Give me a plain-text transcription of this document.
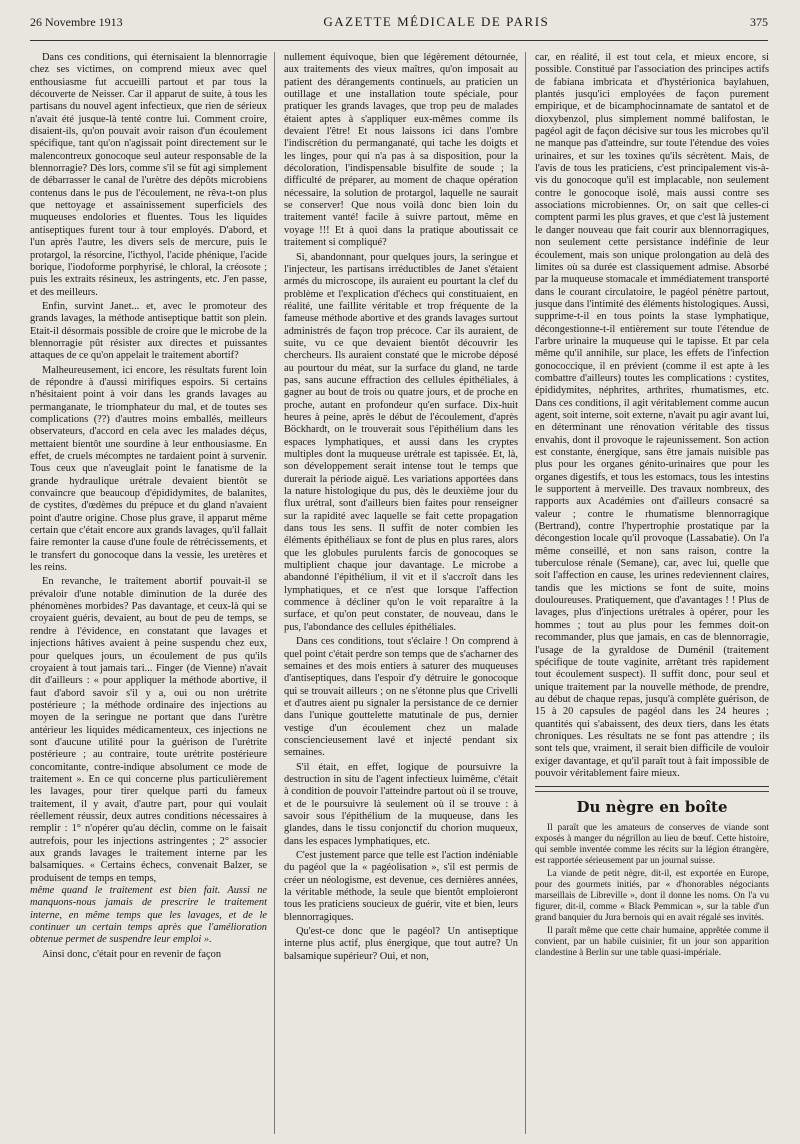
26 Novembre 1913	GAZETTE MÉDICALE DE PARIS	375

Dans ces conditions, qui éternisaient la blennorragie chez ses victimes, on comprend mieux avec quel enthousiasme fut accueilli partout et par tous la découverte de Neisser. Car il apparut de suite, à tous les partisans du nouvel agent infectieux, que rien de sérieux n'avait été jusque-là tenté contre lui. Comment croire, disaient-ils, qu'on pouvait avoir raison d'un écoulement spécifique, tant qu'on n'agissait point directement sur le malencontreux gonocoque seul auteur responsable de la blennorragie? Dès lors, comme s'il se fût agi simplement de débarrasser le canal de l'urètre des dépôts microbiens contenus dans le pus de l'écoulement, ne rêva-t-on plus que nettoyage et assainissement superficiels des muqueuses endolories et fluentes. Tous les liquides antiseptiques furent tour à tour employés. D'abord, et l'un après l'autre, les divers sels de mercure, puis le protargol, la résorcine, l'icthyol, l'acide phénique, l'acide borique, l'iodoforme porphyrisé, le chloral, la créosote ; puis les extraits résineux, les astringents, etc. J'en passe, et des meilleurs.

Enfin, survint Janet... et, avec le promoteur des grands lavages, la méthode antiseptique battit son plein. Etait-il désormais possible de croire que le microbe de la blennorragie pût résister aux directes et puissantes attaques de ce qu'on appelait le traitement abortif?

Malheureusement, ici encore, les résultats furent loin de répondre à d'aussi mirifiques espoirs. Si certains n'hésitaient point à voir dans les grands lavages au permanganate, le triomphateur du mal, et de toutes ses complications (??) d'autres moins emballés, meilleurs observateurs, d'accord en cela avec les malades déçus, mettaient bientôt une sourdine à leur enthousiasme. En effet, de cruels mécomptes ne tardaient point à survenir. Tous ceux que n'aveuglait point le fanatisme de la grande hydraulique urétrale devaient bientôt se convaincre que beaucoup d'épididymites, de balanites, de cystites, d'œdèmes du prépuce et du gland n'avaient point d'autre origine. Chose plus grave, il apparut même certain que c'était encore aux grands lavages, qu'il fallait faire remonter la cause d'une foule de rétrécissements, et le transfert du gonocoque dans la vessie, les uretères et les reins.

En revanche, le traitement abortif pouvait-il se prévaloir d'une notable diminution de la durée des phénomènes morbides? Pas davantage, et ceux-là qui se croyaient guéris, devaient, au bout de peu de temps, se rendre à l'évidence, en constatant que lavages et injections hâtives avaient à peine suspendu chez eux, pour quelques jours, un écoulement de pus qu'ils croyaient à tout jamais tari... Finger (de Vienne) n'avait dit d'ailleurs : « pour appliquer la méthode abortive, il faut d'abord savoir s'il y a, oui ou non urétrite postérieure ; la méthode ordinaire des injections au moyen de la seringue ne portant que dans l'urètre antérieur les liquides médicamenteux, ces injections ne sont d'aucune utilité pour la guérison de l'urétrite postérieure ; au contraire, toute urétrite postérieure concomitante, contre-indique absolument ce mode de traitement ». En ce qui concerne plus particulièrement les lavages, pour tirer quelque parti du fameux traitement, il y avait, d'autre part, pour qui voulait réellement réussir, deux autres conditions nécessaires à remplir : 1° n'opérer qu'au déclin, comme on le faisait autrefois, pour les injections astringentes ; 2° associer aux grands lavages le traitement interne par les balsamiques. « Certains échecs, convenait Balzer, se produisent de temps en temps,

même quand le traitement est bien fait. Aussi ne manquons-nous jamais de prescrire le traitement interne, en même temps que les lavages, et de le continuer un certain temps après que l'amélioration obtenue permet de suspendre leur emploi ».

Ainsi donc, c'était pour en revenir de façon

nullement équivoque, bien que légèrement détournée, aux traitements des vieux maîtres, qu'on imposait au patient des dérangements continuels, au praticien un outillage et une installation toute spéciale, pour pratiquer les grands lavages, que trop peu de malades étaient aptes à s'appliquer eux-mêmes comme ils devaient l'être! Et nous laissons ici dans l'ombre l'indiscrétion du permanganaté, qui tache les doigts et les linges, pour qui n'a pas à sa disposition, pour la décoloration, l'indispensable bisulfite de soude ; la difficulté de préparer, au moment de chaque opération nécessaire, la solution de protargol, laquelle ne saurait se conserver! Que nous voilà donc bien loin du traitement vanté! facile à suivre partout, même en voyage !!! Et à quoi dans la pratique aboutissait ce traitement si compliqué?

Si, abandonnant, pour quelques jours, la seringue et l'injecteur, les partisans irréductibles de Janet s'étaient armés du microscope, ils auraient eu pourtant la clef du problème et l'explication d'échecs qui constituaient, en réalité, une faillite véritable et trop fréquente de la fameuse méthode abortive et des grands lavages surtout administrés de façon trop précoce. Car ils auraient, de suite, vu ce que devaient bientôt découvrir les chercheurs. Ils auraient constaté que le microbe déposé au pourtour du méat, sur la surface du gland, ne tarde pas, sans aucune effraction des cellules épithéliales, à gagner au bout de trois ou quatre jours, et de proche en proche, autant en profondeur qu'en surface. Dix-huit heures à peine, après le début de l'écoulement, d'après Böckhardt, on le trouverait sous l'épithélium dans les espaces lymphatiques, et aussi dans les cryptes multiples dont la muqueuse urétrale est tapissée. Et, là, son développement serait intense tout le temps que durerait la période aiguë. Les variations apportées dans la nature histologique du pus, dès le deuxième jour du flux urétral, sont d'ailleurs bien faites pour renseigner sur la rapidité avec laquelle se fait cette propagation dans tous les sens. Il suffit de noter combien les éléments épithéliaux se font de plus en plus rares, alors que les globules purulents farcis de gonocoques se multiplient chaque jour davantage. Le microbe a abandonné l'épithélium, il vit et il s'accroît dans les lymphatiques, et ce n'est que lorsque l'affection commence à décliner qu'on le voit reparaître à la surface, et qu'on peut constater, de nouveau, dans le pus, l'abondance des cellules épithéliales.

Dans ces conditions, tout s'éclaire ! On comprend à quel point c'était perdre son temps que de s'acharner des semaines et des mois entiers à saturer des muqueuses d'antiseptiques, dans l'espoir d'y détruire le gonocoque qui se trouvait ailleurs ; on ne s'étonne plus que Crivelli et d'autres aient pu signaler la persistance de ce dernier dans l'unique gouttelette matutinale de pus, dernier vestige d'un écoulement chez un malade consciencieusement lavé et injecté pendant six semaines.

S'il était, en effet, logique de poursuivre la destruction in situ de l'agent infectieux luimême, c'était à condition de pouvoir l'atteindre partout où il se trouve, et de le poursuivre là seulement où il se trouve : à savoir sous l'épithélium de la muqueuse, dans les glandes, dans le tissu conjonctif du chorion muqueux, dans les espaces lymphatiques, etc.

C'est justement parce que telle est l'action indéniable du pagéol que la « pagéolisation », s'il est permis de créer un néologisme, est devenue, ces dernières années, la véritable méthode, la seule que bientôt emploieront tous les praticiens soucieux de guérir, vite et bien, leurs blennorragiques.

Qu'est-ce donc que le pagéol? Un antiseptique interne plus actif, plus énergique, que tout autre? Un balsamique supérieur? Oui, et non,

car, en réalité, il est tout cela, et mieux encore, si possible. Constitué par l'association des principes actifs de fabiana imbricata et d'hystérionica baylahuen, plantés jusqu'ici employées de façon purement empirique, et de bicamphocinnamate de santatol et de dioxybenzol, plus simplement nommé balifostan, le pagéol agit de façon décisive sur tous les microbes qu'il ne manque pas d'atteindre, sur toute l'étendue des voies urinaires, et sur les toxines qu'ils sécrètent. Mais, de l'avis de tous les praticiens, c'est principalement vis-à-vis du gonocoque qu'il est implacable, non seulement contre le gonocoque isolé, mais aussi contre ses associations microbiennes. Or, on sait que celles-ci comptent parmi les plus graves, et que c'est là justement le danger nouveau que fait courir aux blennorragiques, non seulement cette persistance indéfinie de leur écoulement, mais son unique prolongation au delà des limites où sa durée est classiquement admise. Absorbé par la muqueuse stomacale et immédiatement transporté dans le courant circulatoire, le pagéol pénètre partout, jusque dans l'intimité des éléments histologiques. Aussi, supprime-t-il en tous points la stase lymphatique, décongestionne-t-il entièrement sur toute l'étendue de l'arbre urinaire la muqueuse qui le tapisse. Et par cela même qu'il annihile, sur place, les effets de l'infection gonococcique, il en prévient (comme il est apte à les combattre d'ailleurs) toutes les complications : cystites, épididymites, néphrites, arthrites, rhumatismes, etc. Dans ces conditions, il agit véritablement comme aucun agent, soit interne, soit externe, n'avait pu agir avant lui, en déterminant une rénovation véritable des tissus envahis, dont il provoque le rajeunissement. Son action est constante, énergique, sans être jamais nuisible pas plus pour les organes génito-urinaires que pour les organes digestifs, et tous les estomacs, tous les intestins le supportent à merveille. Des travaux nombreux, des rapports aux Académies ont d'ailleurs consacré sa valeur ; contre le rhumatisme blennorragique (Bertrand), contre l'hypertrophie prostatique par la décongestion locale qu'il provoque (Lassabatie). On l'a même conseillé, et non sans raison, contre la tuberculose rénale (Semane), car, avec lui, quelle que soit l'affection en cause, les urines redeviennent claires, tandis que les mictions se font de suite, moins douloureuses. Pratiquement, que d'avantages ! ! Plus de lavages, plus d'injections urétrales à opérer, pour les hommes ; tout au plus pour les femmes doit-on recommander, plus que jamais, en cas de blennorragie, l'usage de la gyraldose de Duménil (traitement spécifique de toute vaginite, arrêtant très rapidement tout écoulement suspect). Il suffit donc, pour seul et unique traitement par la nouvelle méthode, de prendre, au début de chaque repas, jusqu'à complète guérison, de 15 à 20 capsules de pagéol dans les 24 heures ; quantités qui s'abaissent, des deux tiers, dans les états chroniques. Les résultats ne se font pas attendre ; ils sont tels que, vraiment, il serait bien difficile de vouloir exiger davantage, et qu'il paraît tout à fait impossible de pouvoir véritablement faire mieux.

Du nègre en boîte

Il paraît que les amateurs de conserves de viande sont exposés à manger du négrillon au lieu de bœuf. Cette histoire, qui semble inventée comme les récits sur la légion étrangère, est rapportée sérieusement par un journal suisse.

La viande de petit nègre, dit-il, est exportée en Europe, pour des gourmets initiés, par « d'honorables négociants marseillais de Libreville », dont il donne les noms. On l'a vu figurer, dit-il, comme « Black Pemmican », sur la table d'un grand banquier du Jura bernois qui en avait régalé ses invités.

Il paraît même que cette chair humaine, apprêtée comme il convient, par un habile cuisinier, fit un jour son apparition clandestine à Berlin sur une table quasi-impériale.
